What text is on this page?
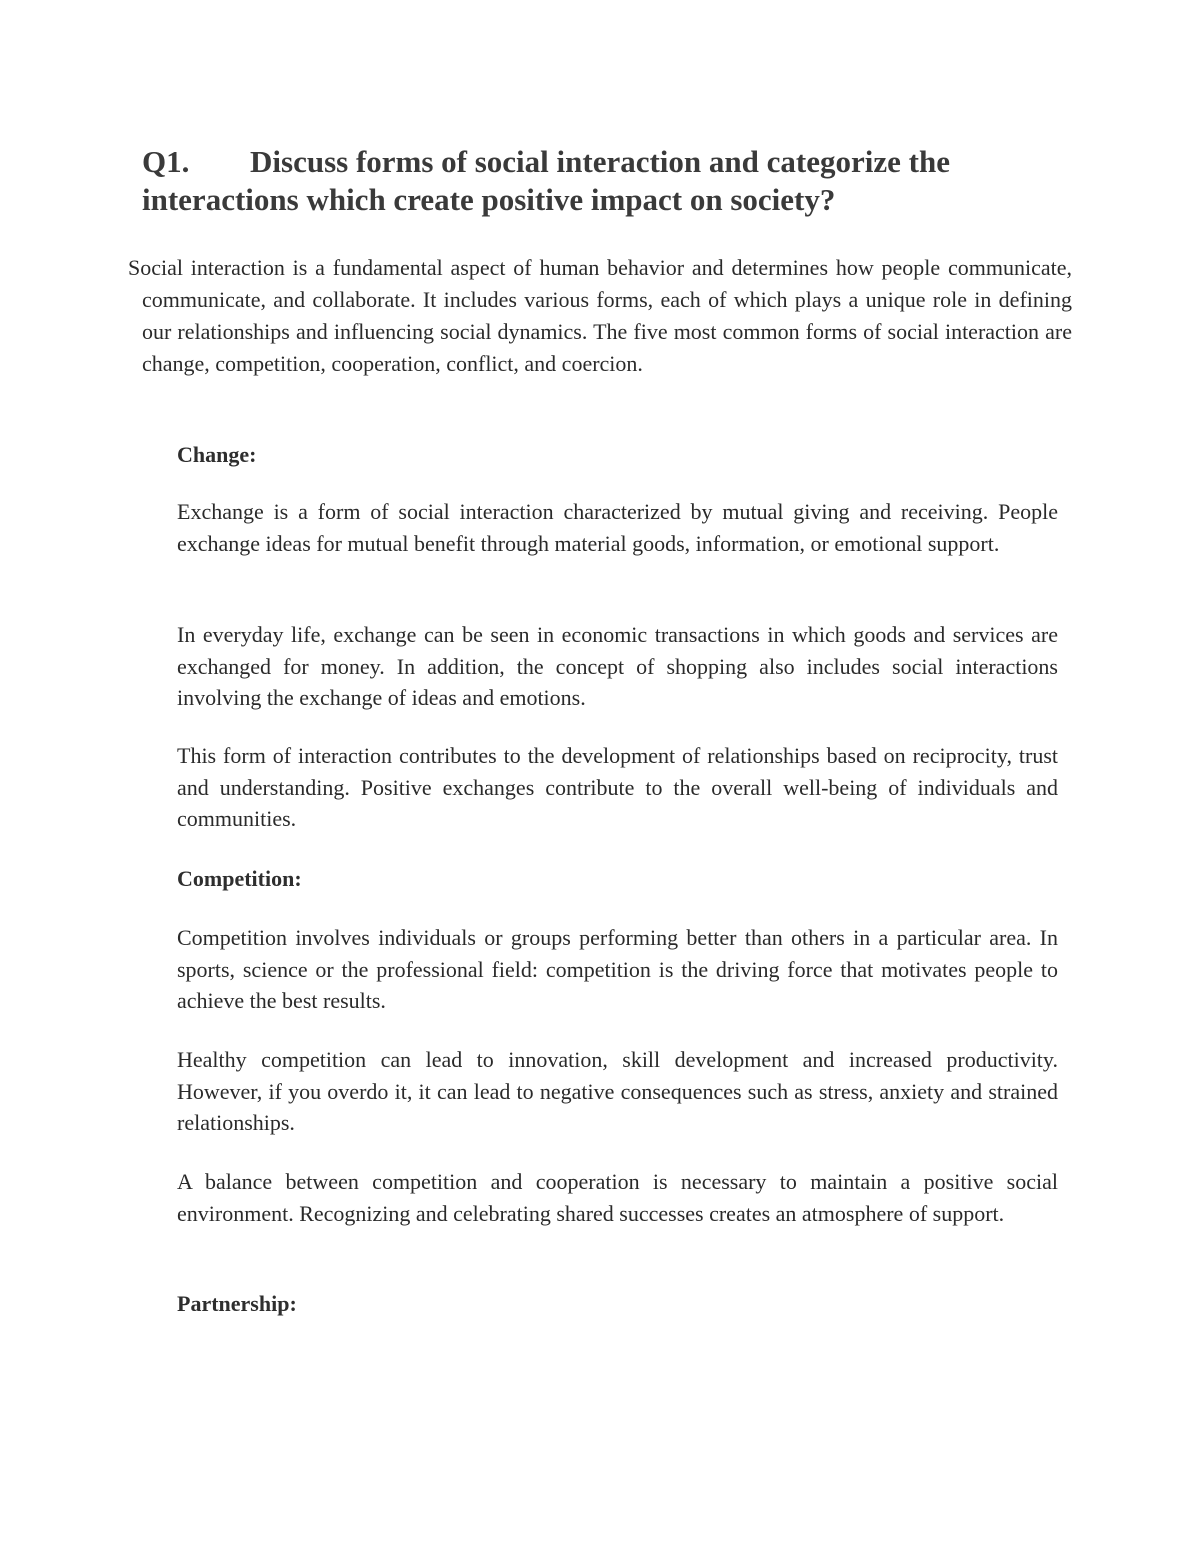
Q1. Discuss forms of social interaction and categorize the interactions which create positive impact on society?

Social interaction is a fundamental aspect of human behavior and determines how people communicate, communicate, and collaborate. It includes various forms, each of which plays a unique role in defining our relationships and influencing social dynamics. The five most common forms of social interaction are change, competition, cooperation, conflict, and coercion.

Change:

Exchange is a form of social interaction characterized by mutual giving and receiving. People exchange ideas for mutual benefit through material goods, information, or emotional support.

In everyday life, exchange can be seen in economic transactions in which goods and services are exchanged for money. In addition, the concept of shopping also includes social interactions involving the exchange of ideas and emotions.

This form of interaction contributes to the development of relationships based on reciprocity, trust and understanding. Positive exchanges contribute to the overall well-being of individuals and communities.

Competition:

Competition involves individuals or groups performing better than others in a particular area. In sports, science or the professional field: competition is the driving force that motivates people to achieve the best results.

Healthy competition can lead to innovation, skill development and increased productivity. However, if you overdo it, it can lead to negative consequences such as stress, anxiety and strained relationships.

A balance between competition and cooperation is necessary to maintain a positive social environment. Recognizing and celebrating shared successes creates an atmosphere of support.

Partnership:
